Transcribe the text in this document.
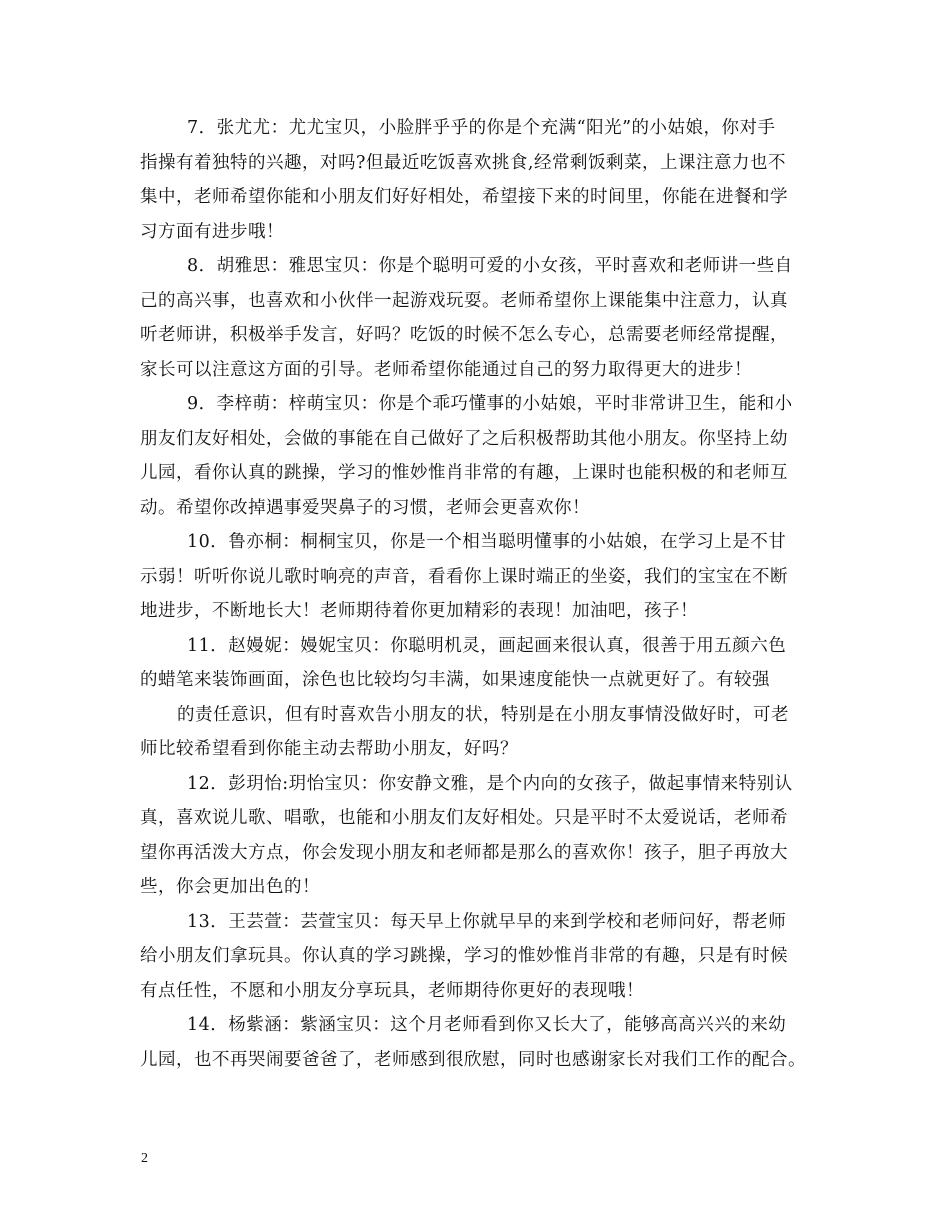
7．张尤尤：尤尤宝贝，小脸胖乎乎的你是个充满“阳光”的小姑娘，你对手
指操有着独特的兴趣，对吗?但最近吃饭喜欢挑食,经常剩饭剩菜，上课注意力也不
集中，老师希望你能和小朋友们好好相处，希望接下来的时间里，你能在进餐和学
习方面有进步哦！
8．胡雅思：雅思宝贝：你是个聪明可爱的小女孩，平时喜欢和老师讲一些自
己的高兴事，也喜欢和小伙伴一起游戏玩耍。老师希望你上课能集中注意力，认真
听老师讲，积极举手发言，好吗？吃饭的时候不怎么专心，总需要老师经常提醒，
家长可以注意这方面的引导。老师希望你能通过自己的努力取得更大的进步！
9．李梓萌：梓萌宝贝：你是个乖巧懂事的小姑娘，平时非常讲卫生，能和小
朋友们友好相处，会做的事能在自己做好了之后积极帮助其他小朋友。你坚持上幼
儿园，看你认真的跳操，学习的惟妙惟肖非常的有趣，上课时也能积极的和老师互
动。希望你改掉遇事爱哭鼻子的习惯，老师会更喜欢你！
10．鲁亦桐：桐桐宝贝，你是一个相当聪明懂事的小姑娘，在学习上是不甘
示弱！听听你说儿歌时响亮的声音，看看你上课时端正的坐姿，我们的宝宝在不断
地进步，不断地长大！老师期待着你更加精彩的表现！加油吧，孩子！
11．赵嫚妮：嫚妮宝贝：你聪明机灵，画起画来很认真，很善于用五颜六色
的蜡笔来装饰画面，涂色也比较均匀丰满，如果速度能快一点就更好了。有较强
的责任意识，但有时喜欢告小朋友的状，特别是在小朋友事情没做好时，可老
师比较希望看到你能主动去帮助小朋友，好吗？
12．彭玥怡:玥怡宝贝：你安静文雅，是个内向的女孩子，做起事情来特别认
真，喜欢说儿歌、唱歌，也能和小朋友们友好相处。只是平时不太爱说话，老师希
望你再活泼大方点，你会发现小朋友和老师都是那么的喜欢你！孩子，胆子再放大
些，你会更加出色的！
13．王芸萱：芸萱宝贝：每天早上你就早早的来到学校和老师问好，帮老师
给小朋友们拿玩具。你认真的学习跳操，学习的惟妙惟肖非常的有趣，只是有时候
有点任性，不愿和小朋友分享玩具，老师期待你更好的表现哦！
14．杨紫涵：紫涵宝贝：这个月老师看到你又长大了，能够高高兴兴的来幼
儿园，也不再哭闹要爸爸了，老师感到很欣慰，同时也感谢家长对我们工作的配合。
2
